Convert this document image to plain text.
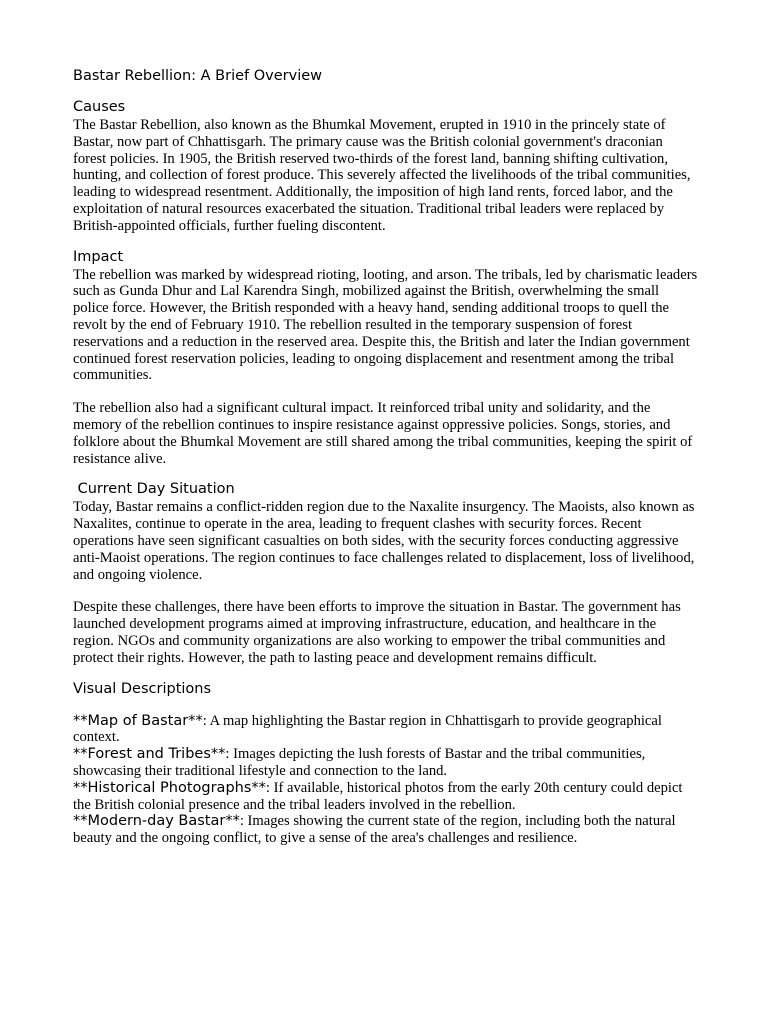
Bastar Rebellion: A Brief Overview
Causes

The Bastar Rebellion, also known as the Bhumkal Movement, erupted in 1910 in the princely state of Bastar, now part of Chhattisgarh. The primary cause was the British colonial government's draconian forest policies. In 1905, the British reserved two-thirds of the forest land, banning shifting cultivation, hunting, and collection of forest produce. This severely affected the livelihoods of the tribal communities, leading to widespread resentment. Additionally, the imposition of high land rents, forced labor, and the exploitation of natural resources exacerbated the situation. Traditional tribal leaders were replaced by British-appointed officials, further fueling discontent.

Impact

The rebellion was marked by widespread rioting, looting, and arson. The tribals, led by charismatic leaders such as Gunda Dhur and Lal Karendra Singh, mobilized against the British, overwhelming the small police force. However, the British responded with a heavy hand, sending additional troops to quell the revolt by the end of February 1910. The rebellion resulted in the temporary suspension of forest reservations and a reduction in the reserved area. Despite this, the British and later the Indian government continued forest reservation policies, leading to ongoing displacement and resentment among the tribal communities.

The rebellion also had a significant cultural impact. It reinforced tribal unity and solidarity, and the memory of the rebellion continues to inspire resistance against oppressive policies. Songs, stories, and folklore about the Bhumkal Movement are still shared among the tribal communities, keeping the spirit of resistance alive.

Current Day Situation

Today, Bastar remains a conflict-ridden region due to the Naxalite insurgency. The Maoists, also known as Naxalites, continue to operate in the area, leading to frequent clashes with security forces. Recent operations have seen significant casualties on both sides, with the security forces conducting aggressive anti-Maoist operations. The region continues to face challenges related to displacement, loss of livelihood, and ongoing violence.

Despite these challenges, there have been efforts to improve the situation in Bastar. The government has launched development programs aimed at improving infrastructure, education, and healthcare in the region. NGOs and community organizations are also working to empower the tribal communities and protect their rights. However, the path to lasting peace and development remains difficult.

Visual Descriptions
**Map of Bastar**: A map highlighting the Bastar region in Chhattisgarh to provide geographical context.
**Forest and Tribes**: Images depicting the lush forests of Bastar and the tribal communities, showcasing their traditional lifestyle and connection to the land.
**Historical Photographs**: If available, historical photos from the early 20th century could depict the British colonial presence and the tribal leaders involved in the rebellion.
**Modern-day Bastar**: Images showing the current state of the region, including both the natural beauty and the ongoing conflict, to give a sense of the area's challenges and resilience.
